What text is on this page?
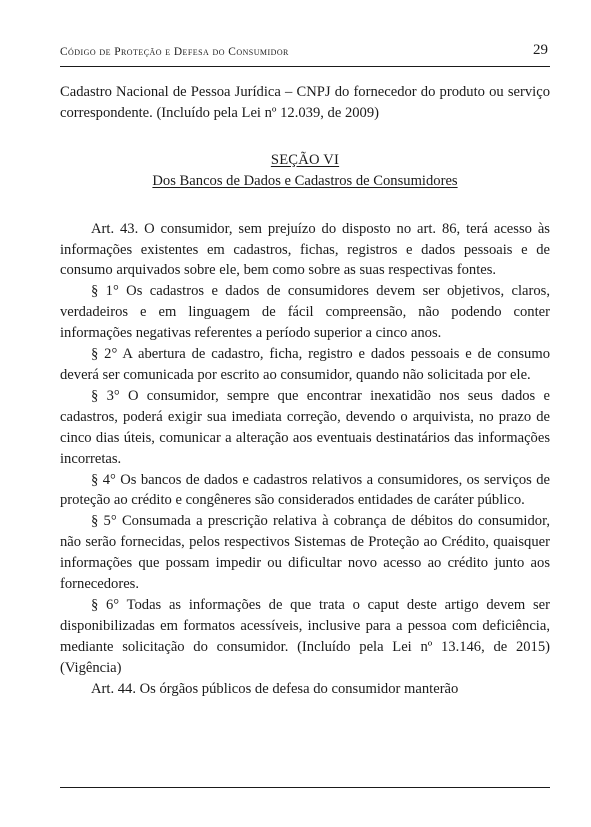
Código de Proteção e Defesa do Consumidor	29

Cadastro Nacional de Pessoa Jurídica – CNPJ do fornecedor do produto ou serviço correspondente. (Incluído pela Lei nº 12.039, de 2009)

SEÇÃO VI
Dos Bancos de Dados e Cadastros de Consumidores

Art. 43. O consumidor, sem prejuízo do disposto no art. 86, terá acesso às informações existentes em cadastros, fichas, registros e dados pessoais e de consumo arquivados sobre ele, bem como sobre as suas respectivas fontes.

§ 1° Os cadastros e dados de consumidores devem ser objetivos, claros, verdadeiros e em linguagem de fácil compreensão, não podendo conter informações negativas referentes a período superior a cinco anos.

§ 2° A abertura de cadastro, ficha, registro e dados pessoais e de consumo deverá ser comunicada por escrito ao consumidor, quando não solicitada por ele.

§ 3° O consumidor, sempre que encontrar inexatidão nos seus dados e cadastros, poderá exigir sua imediata correção, devendo o arquivista, no prazo de cinco dias úteis, comunicar a alteração aos eventuais destinatários das informações incorretas.

§ 4° Os bancos de dados e cadastros relativos a consumidores, os serviços de proteção ao crédito e congêneres são considerados entidades de caráter público.

§ 5° Consumada a prescrição relativa à cobrança de débitos do consumidor, não serão fornecidas, pelos respectivos Sistemas de Proteção ao Crédito, quaisquer informações que possam impedir ou dificultar novo acesso ao crédito junto aos fornecedores.

§ 6° Todas as informações de que trata o caput deste artigo devem ser disponibilizadas em formatos acessíveis, inclusive para a pessoa com deficiência, mediante solicitação do consumidor. (Incluído pela Lei nº 13.146, de 2015) (Vigência)

Art. 44. Os órgãos públicos de defesa do consumidor manterão
